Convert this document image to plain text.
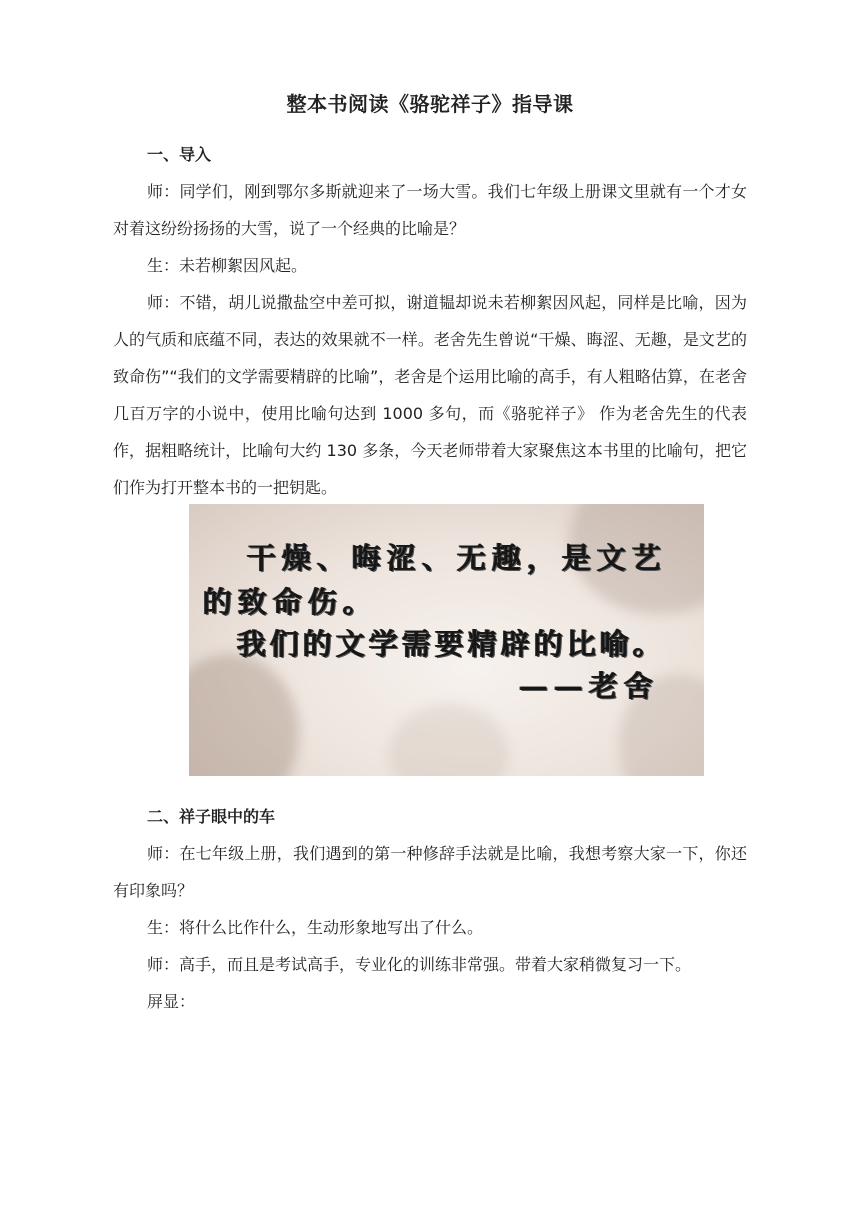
整本书阅读《骆驼祥子》指导课

一、导入

师：同学们，刚到鄂尔多斯就迎来了一场大雪。我们七年级上册课文里就有一个才女对着这纷纷扬扬的大雪，说了一个经典的比喻是？

生：未若柳絮因风起。

师：不错，胡儿说撒盐空中差可拟，谢道韫却说未若柳絮因风起，同样是比喻，因为人的气质和底蕴不同，表达的效果就不一样。老舍先生曾说“干燥、晦涩、无趣，是文艺的致命伤”“我们的文学需要精辟的比喻”，老舍是个运用比喻的高手，有人粗略估算，在老舍几百万字的小说中，使用比喻句达到 1000 多句，而《骆驼祥子》 作为老舍先生的代表作，据粗略统计，比喻句大约 130 多条，今天老师带着大家聚焦这本书里的比喻句，把它们作为打开整本书的一把钥匙。

干燥、晦涩、无趣，是文艺
的致命伤。
我们的文学需要精辟的比喻。
——老舍

二、祥子眼中的车

师：在七年级上册，我们遇到的第一种修辞手法就是比喻，我想考察大家一下，你还有印象吗？

生：将什么比作什么，生动形象地写出了什么。

师：高手，而且是考试高手，专业化的训练非常强。带着大家稍微复习一下。

屏显：
